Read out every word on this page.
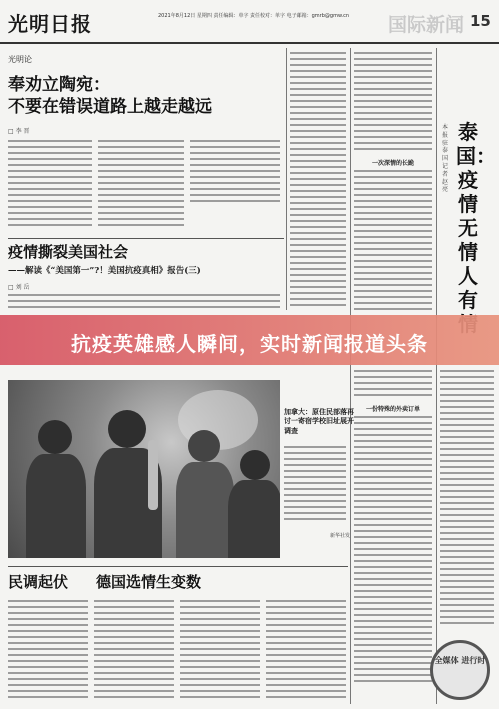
光明日报	2021年8月12日 星期四 责任编辑：单字 责任校对：单字 电子邮箱：gmrb@gmw.cn 国际新闻 15
光明论
奉劝立陶宛：
不要在错误道路上越走越远
□ 李 晋
疫情撕裂美国社会
——解读《“美国第一”?！美国抗疫真相》报告(三)
□ 刘 岳
一次深情的长跪
本报驻泰国记者 赵 亮
泰国：疫情无情人有
抗疫英雄感人瞬间，实时新闻报道头条
加拿大：原住民部落再讨一寄宿学校旧址展开调查
新华社发
一份特殊的外卖订单
民调起伏 德国选情生变数
全媒体 进行时
